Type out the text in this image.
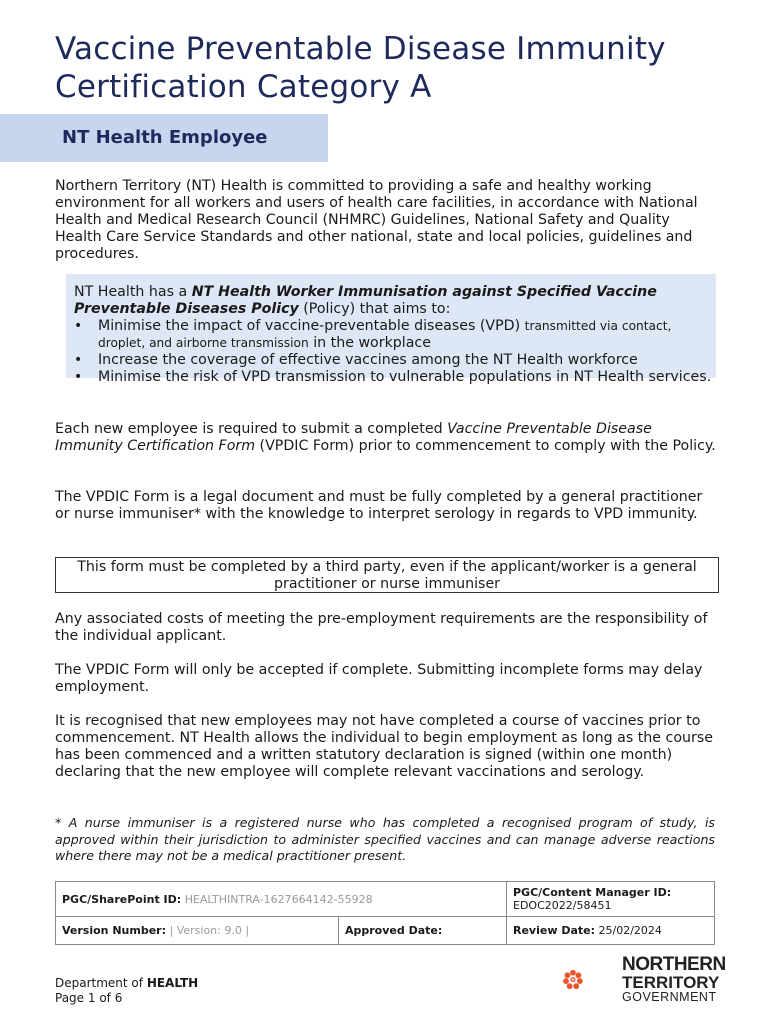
Vaccine Preventable Disease Immunity Certification Category A
NT Health Employee

Northern Territory (NT) Health is committed to providing a safe and healthy working environment for all workers and users of health care facilities, in accordance with National Health and Medical Research Council (NHMRC) Guidelines, National Safety and Quality Health Care Service Standards and other national, state and local policies, guidelines and procedures.

NT Health has a NT Health Worker Immunisation against Specified Vaccine Preventable Diseases Policy (Policy) that aims to:
• Minimise the impact of vaccine-preventable diseases (VPD) transmitted via contact, droplet, and airborne transmission in the workplace
• Increase the coverage of effective vaccines among the NT Health workforce
• Minimise the risk of VPD transmission to vulnerable populations in NT Health services.

Each new employee is required to submit a completed Vaccine Preventable Disease Immunity Certification Form (VPDIC Form) prior to commencement to comply with the Policy.

The VPDIC Form is a legal document and must be fully completed by a general practitioner or nurse immuniser* with the knowledge to interpret serology in regards to VPD immunity.

This form must be completed by a third party, even if the applicant/worker is a general practitioner or nurse immuniser

Any associated costs of meeting the pre-employment requirements are the responsibility of the individual applicant.

The VPDIC Form will only be accepted if complete. Submitting incomplete forms may delay employment.

It is recognised that new employees may not have completed a course of vaccines prior to commencement. NT Health allows the individual to begin employment as long as the course has been commenced and a written statutory declaration is signed (within one month) declaring that the new employee will complete relevant vaccinations and serology.

* A nurse immuniser is a registered nurse who has completed a recognised program of study, is approved within their jurisdiction to administer specified vaccines and can manage adverse reactions where there may not be a medical practitioner present.

PGC/SharePoint ID: HEALTHINTRA-1627664142-55928		PGC/Content Manager ID: EDOC2022/58451
Version Number: | Version: 9.0 |	Approved Date:	Review Date: 25/02/2024
Department of HEALTH
Page 1 of 6
NORTHERN
TERRITORY
GOVERNMENT
